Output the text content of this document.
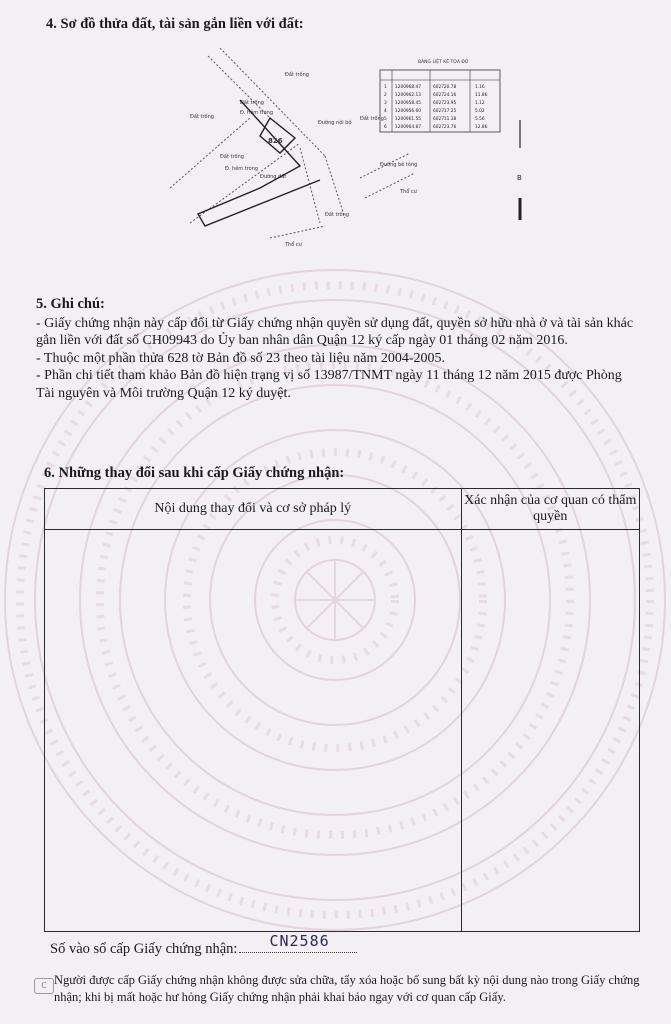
4. Sơ đồ thửa đất, tài sản gắn liền với đất:
826
Đất trống
Đất trống
Đất trống	Đất trống
Đất trống
Đất trống
Đ. hẻm trong
Đ. hẻm trong
Đường nội bộ
Đường đất
Đường bê tông
Thổ cư
Thổ cư
BẢNG LIỆT KÊ TỌA ĐỘ
1 1200968.47	602720.78	1.16
2 1200962.13	602724.16	11.86
3 1200958.45	602723.95	1.12
4 1200956.60	602717.25	5.02
5 1200961.55	602711.38	5.56
6 1200964.87	602723.76	12.86
B
5. Ghi chú:

- Giấy chứng nhận này cấp đổi từ Giấy chứng nhận quyền sử dụng đất, quyền sở hữu nhà ở và tài sản khác gắn liền với đất số CH09943 do Ủy ban nhân dân Quận 12 ký cấp ngày 01 tháng 02 năm 2016.

- Thuộc một phần thửa 628 tờ Bản đồ số 23 theo tài liệu năm 2004-2005.

- Phần chi tiết tham khảo Bản đồ hiện trạng vị số 13987/TNMT ngày 11 tháng 12 năm 2015 được Phòng Tài nguyên và Môi trường Quận 12 ký duyệt.

6. Những thay đổi sau khi cấp Giấy chứng nhận:
Nội dung thay đổi và cơ sở pháp lý	Xác nhận của cơ quan có thẩm quyền

Số vào sổ cấp Giấy chứng nhận: CN2586
C Người được cấp Giấy chứng nhận không được sửa chữa, tẩy xóa hoặc bổ sung bất kỳ nội dung nào trong Giấy chứng nhận; khi bị mất hoặc hư hỏng Giấy chứng nhận phải khai báo ngay với cơ quan cấp Giấy.
